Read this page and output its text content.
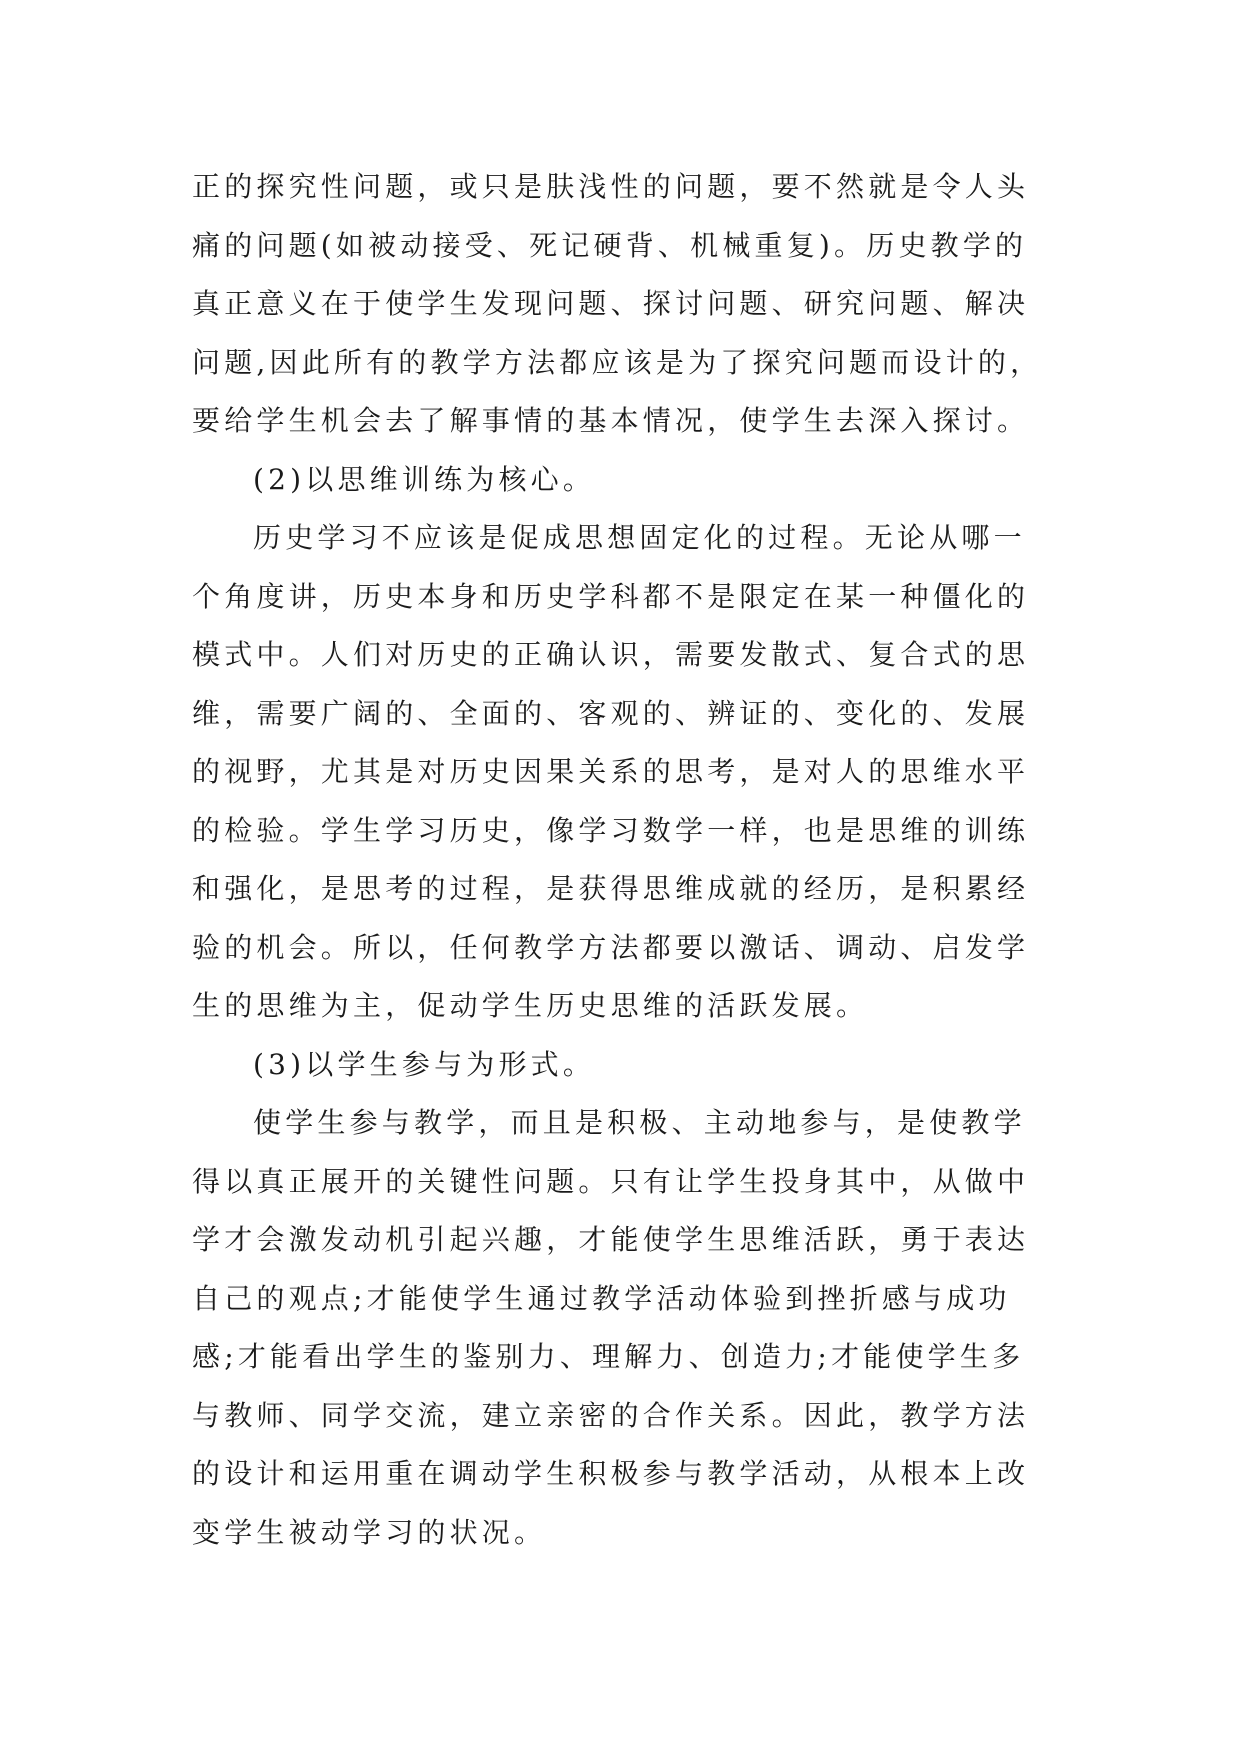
正的探究性问题，或只是肤浅性的问题，要不然就是令人头
痛的问题(如被动接受、死记硬背、机械重复)。历史教学的
真正意义在于使学生发现问题、探讨问题、研究问题、解决
问题,因此所有的教学方法都应该是为了探究问题而设计的，
要给学生机会去了解事情的基本情况，使学生去深入探讨。

(2)以思维训练为核心。

历史学习不应该是促成思想固定化的过程。无论从哪一
个角度讲，历史本身和历史学科都不是限定在某一种僵化的
模式中。人们对历史的正确认识，需要发散式、复合式的思
维，需要广阔的、全面的、客观的、辨证的、变化的、发展
的视野，尤其是对历史因果关系的思考，是对人的思维水平
的检验。学生学习历史，像学习数学一样，也是思维的训练
和强化，是思考的过程，是获得思维成就的经历，是积累经
验的机会。所以，任何教学方法都要以激话、调动、启发学
生的思维为主，促动学生历史思维的活跃发展。

(3)以学生参与为形式。

使学生参与教学，而且是积极、主动地参与，是使教学
得以真正展开的关键性问题。只有让学生投身其中，从做中
学才会激发动机引起兴趣，才能使学生思维活跃，勇于表达
自己的观点;才能使学生通过教学活动体验到挫折感与成功
感;才能看出学生的鉴别力、理解力、创造力;才能使学生多
与教师、同学交流，建立亲密的合作关系。因此，教学方法
的设计和运用重在调动学生积极参与教学活动，从根本上改
变学生被动学习的状况。
